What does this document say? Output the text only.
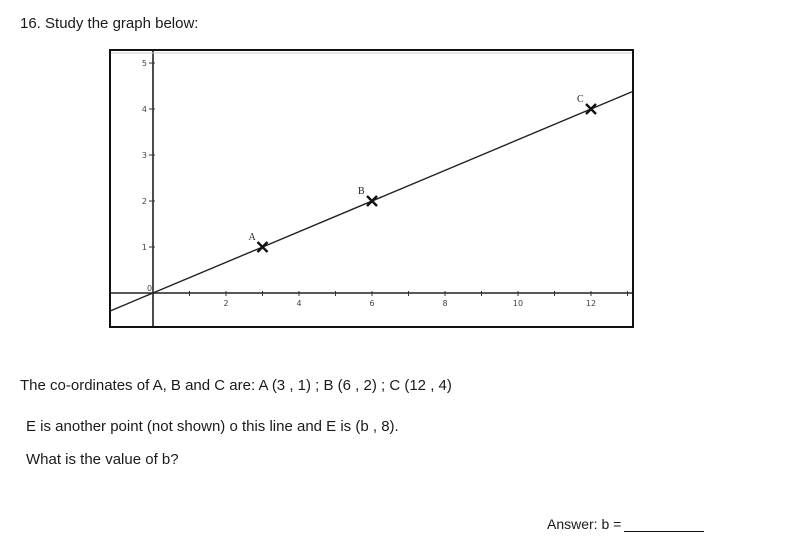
16. Study the graph below:
0
2	4	6	8	10	12
1
2
3
4
5
A
B
C
The co-ordinates of A, B and C are: A (3 , 1) ; B (6 , 2) ; C (12 , 4)
E is another point (not shown) o this line and E is (b , 8).
What is the value of b?
Answer: b =
